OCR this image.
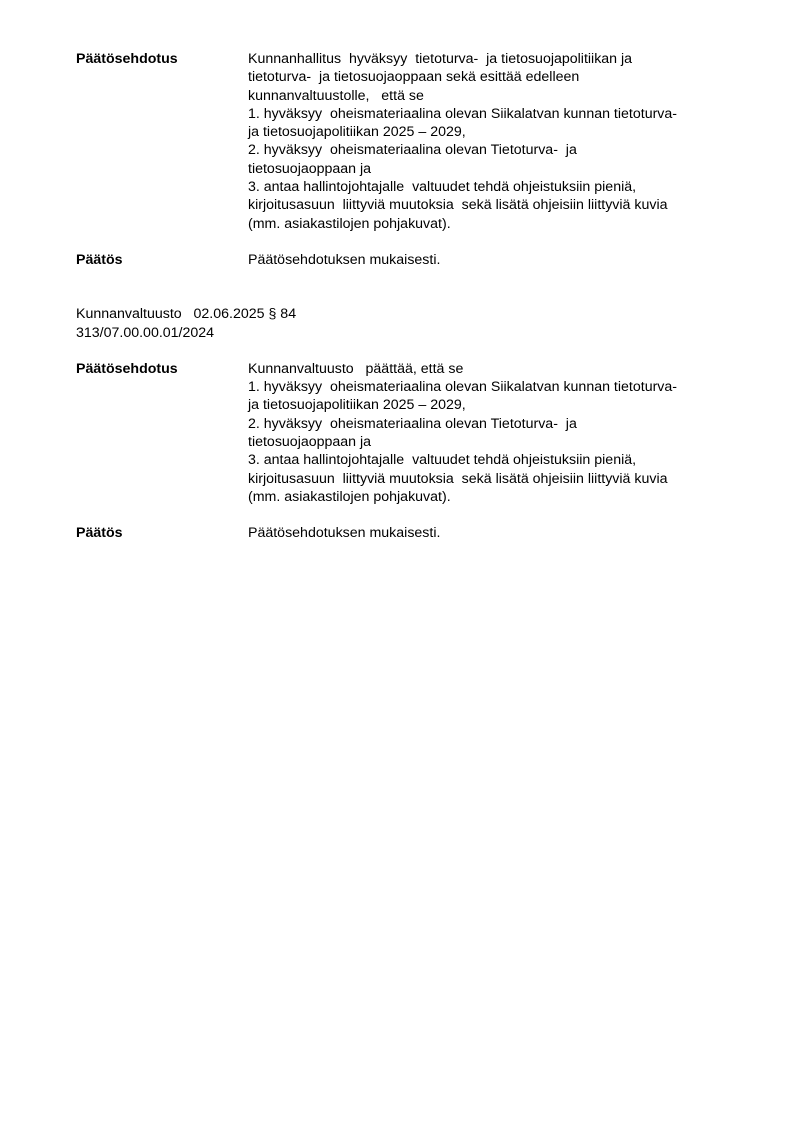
Päätösehdotus	Kunnanhallitus  hyväksyy  tietoturva-  ja tietosuojapolitiikan ja
tietoturva-  ja tietosuojaoppaan sekä esittää edelleen
kunnanvaltuustolle,   että se
1. hyväksyy  oheismateriaalina olevan Siikalatvan kunnan tietoturva-
ja tietosuojapolitiikan 2025 – 2029,
2. hyväksyy  oheismateriaalina olevan Tietoturva-  ja
tietosuojaoppaan ja
3. antaa hallintojohtajalle  valtuudet tehdä ohjeistuksiin pieniä,
kirjoitusasuun  liittyviä muutoksia  sekä lisätä ohjeisiin liittyviä kuvia
(mm. asiakastilojen pohjakuvat).
Päätös	Päätösehdotuksen mukaisesti.
Kunnanvaltuusto   02.06.2025 § 84
313/07.00.00.01/2024
Päätösehdotus	Kunnanvaltuusto   päättää, että se
1. hyväksyy  oheismateriaalina olevan Siikalatvan kunnan tietoturva-
ja tietosuojapolitiikan 2025 – 2029,
2. hyväksyy  oheismateriaalina olevan Tietoturva-  ja
tietosuojaoppaan ja
3. antaa hallintojohtajalle  valtuudet tehdä ohjeistuksiin pieniä,
kirjoitusasuun  liittyviä muutoksia  sekä lisätä ohjeisiin liittyviä kuvia
(mm. asiakastilojen pohjakuvat).
Päätös	Päätösehdotuksen mukaisesti.
